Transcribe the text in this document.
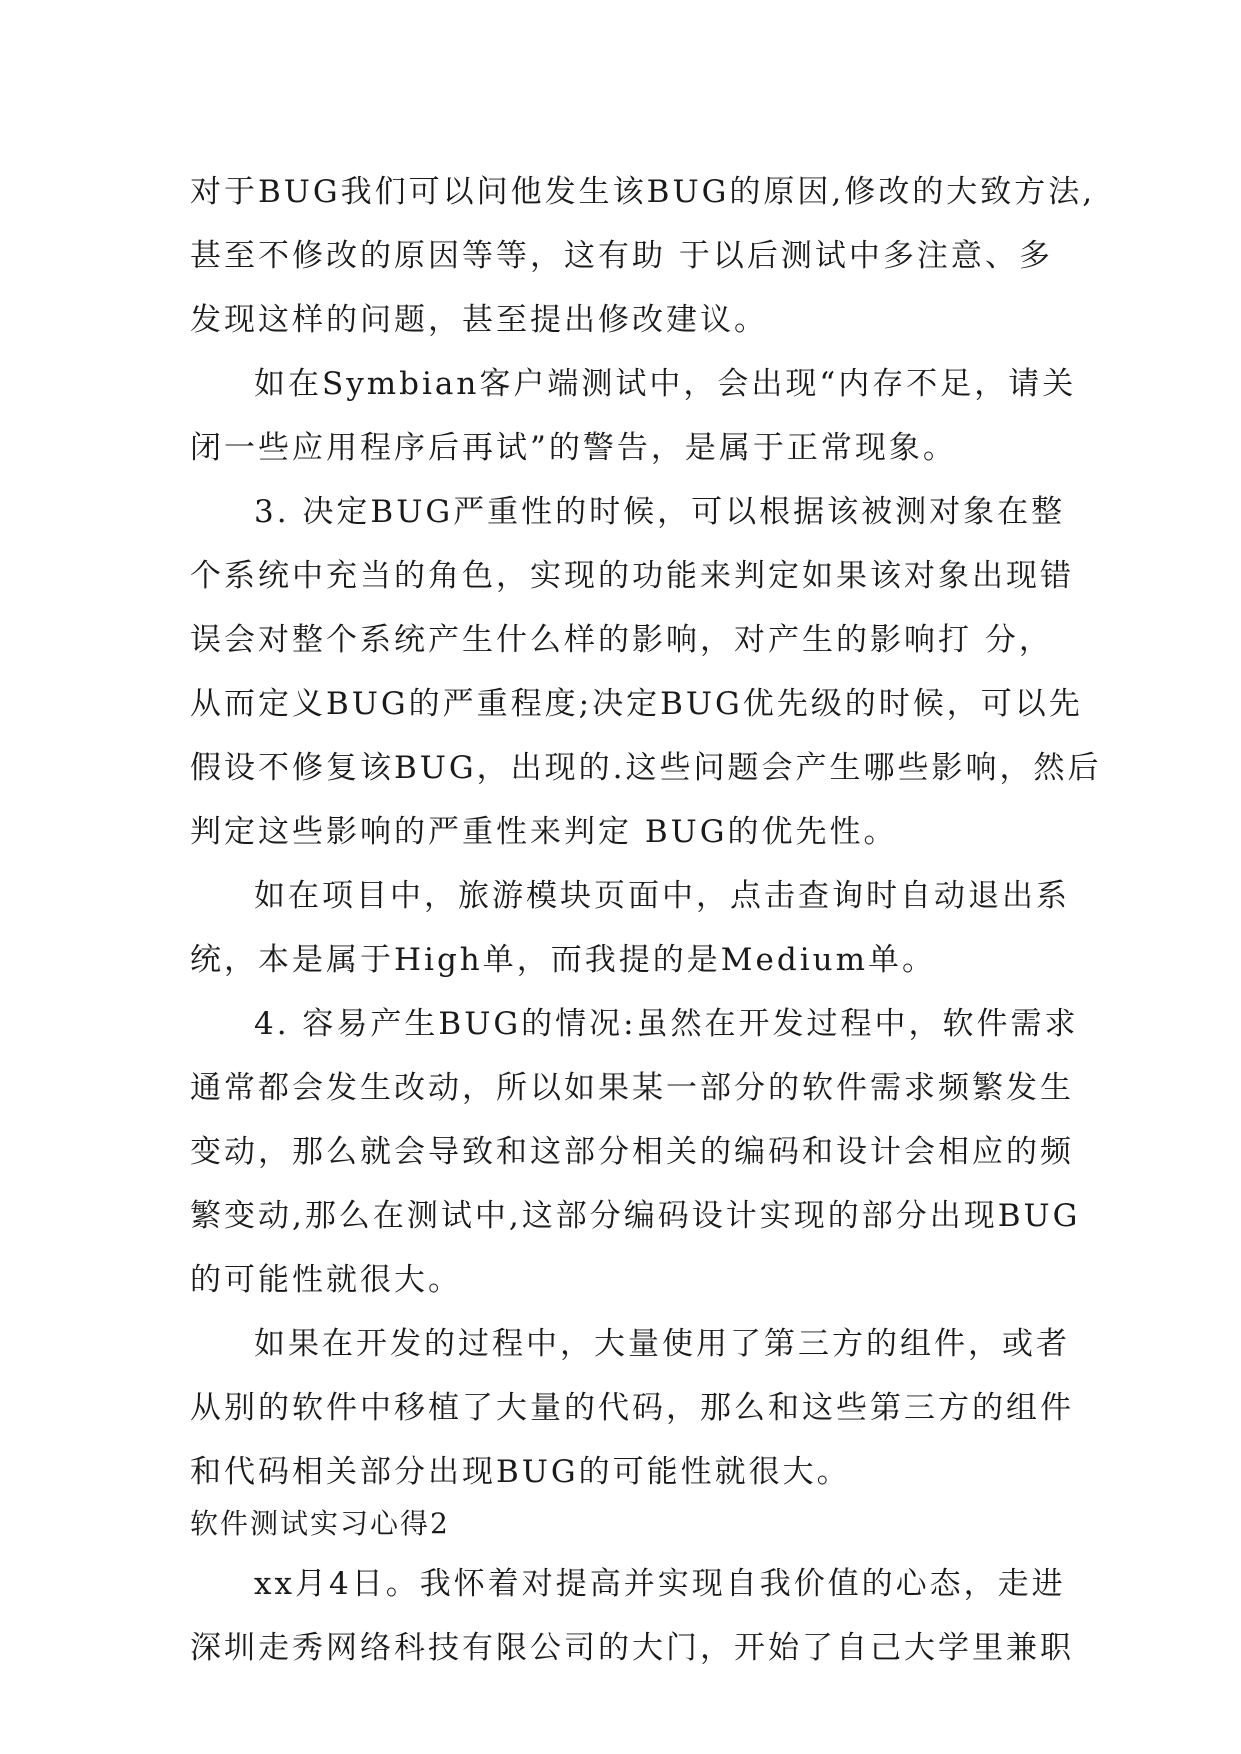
对于BUG我们可以问他发生该BUG的原因,修改的大致方法,
甚至不修改的原因等等，这有助 于以后测试中多注意、多
发现这样的问题，甚至提出修改建议。
如在Symbian客户端测试中，会出现“内存不足，请关
闭一些应用程序后再试”的警告，是属于正常现象。
3. 决定BUG严重性的时候，可以根据该被测对象在整
个系统中充当的角色，实现的功能来判定如果该对象出现错
误会对整个系统产生什么样的影响，对产生的影响打 分，
从而定义BUG的严重程度;决定BUG优先级的时候，可以先
假设不修复该BUG，出现的.这些问题会产生哪些影响，然后
判定这些影响的严重性来判定 BUG的优先性。
如在项目中，旅游模块页面中，点击查询时自动退出系
统，本是属于High单，而我提的是Medium单。
4. 容易产生BUG的情况:虽然在开发过程中，软件需求
通常都会发生改动，所以如果某一部分的软件需求频繁发生
变动，那么就会导致和这部分相关的编码和设计会相应的频
繁变动,那么在测试中,这部分编码设计实现的部分出现BUG
的可能性就很大。
如果在开发的过程中，大量使用了第三方的组件，或者
从别的软件中移植了大量的代码，那么和这些第三方的组件
和代码相关部分出现BUG的可能性就很大。
软件测试实习心得2
xx月4日。我怀着对提高并实现自我价值的心态，走进
深圳走秀网络科技有限公司的大门，开始了自己大学里兼职
